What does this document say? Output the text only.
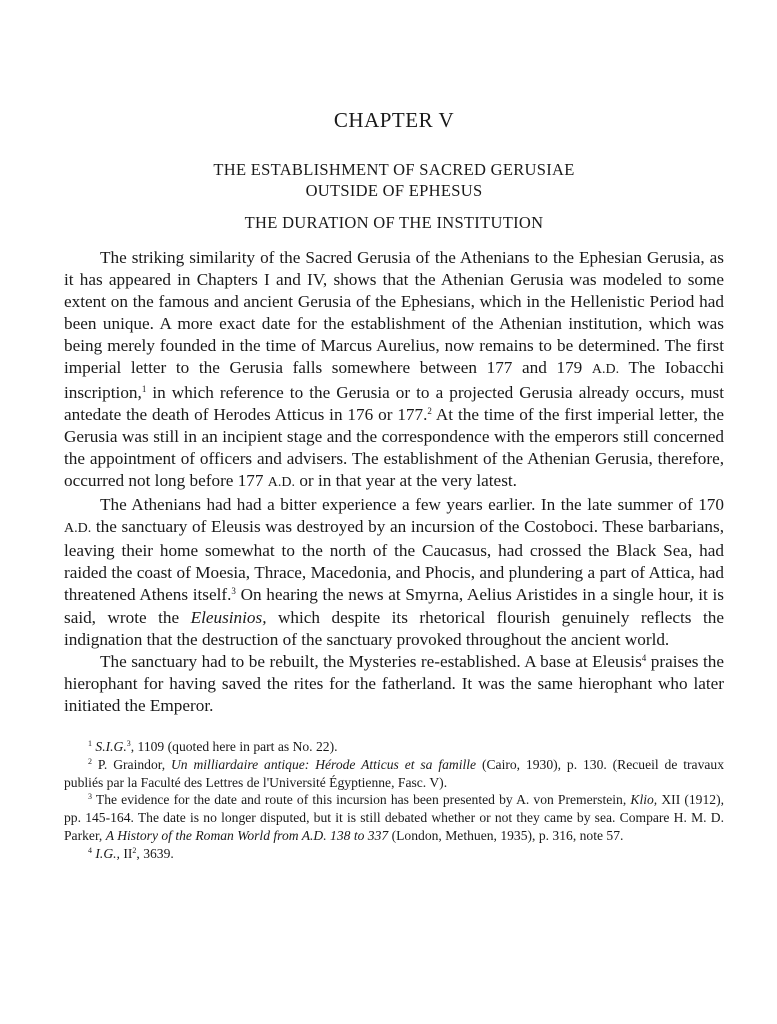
CHAPTER V
THE ESTABLISHMENT OF SACRED GERUSIAE
OUTSIDE OF EPHESUS
THE DURATION OF THE INSTITUTION

The striking similarity of the Sacred Gerusia of the Athenians to the Ephesian Gerusia, as it has appeared in Chapters I and IV, shows that the Athenian Gerusia was modeled to some extent on the famous and ancient Gerusia of the Ephesians, which in the Hellenistic Period had been unique. A more exact date for the establishment of the Athenian institution, which was being merely founded in the time of Marcus Aurelius, now remains to be determined. The first imperial letter to the Gerusia falls somewhere between 177 and 179 A.D. The Iobacchi inscription,$^1$ in which reference to the Gerusia or to a projected Gerusia already occurs, must antedate the death of Herodes Atticus in 176 or 177.$^2$ At the time of the first imperial letter, the Gerusia was still in an incipient stage and the correspondence with the emperors still concerned the appointment of officers and advisers. The establishment of the Athenian Gerusia, therefore, occurred not long before 177 A.D. or in that year at the very latest.

The Athenians had had a bitter experience a few years earlier. In the late summer of 170 A.D. the sanctuary of Eleusis was destroyed by an incursion of the Costoboci. These barbarians, leaving their home somewhat to the north of the Caucasus, had crossed the Black Sea, had raided the coast of Moesia, Thrace, Macedonia, and Phocis, and plundering a part of Attica, had threatened Athens itself.$^3$ On hearing the news at Smyrna, Aelius Aristides in a single hour, it is said, wrote the Eleusinios, which despite its rhetorical flourish genuinely reflects the indignation that the destruction of the sanctuary provoked throughout the ancient world.

The sanctuary had to be rebuilt, the Mysteries re-established. A base at Eleusis$^4$ praises the hierophant for having saved the rites for the fatherland. It was the same hierophant who later initiated the Emperor.

$^1$ S.I.G.$^3$, 1109 (quoted here in part as No. 22).

$^2$ P. Graindor, Un milliardaire antique: Hérode Atticus et sa famille (Cairo, 1930), p. 130. (Recueil de travaux publiés par la Faculté des Lettres de l'Université Égyptienne, Fasc. V).

$^3$ The evidence for the date and route of this incursion has been presented by A. von Premerstein, Klio, XII (1912), pp. 145-164. The date is no longer disputed, but it is still debated whether or not they came by sea. Compare H. M. D. Parker, A History of the Roman World from A.D. 138 to 337 (London, Methuen, 1935), p. 316, note 57.

$^4$ I.G., $II^2$, 3639.
